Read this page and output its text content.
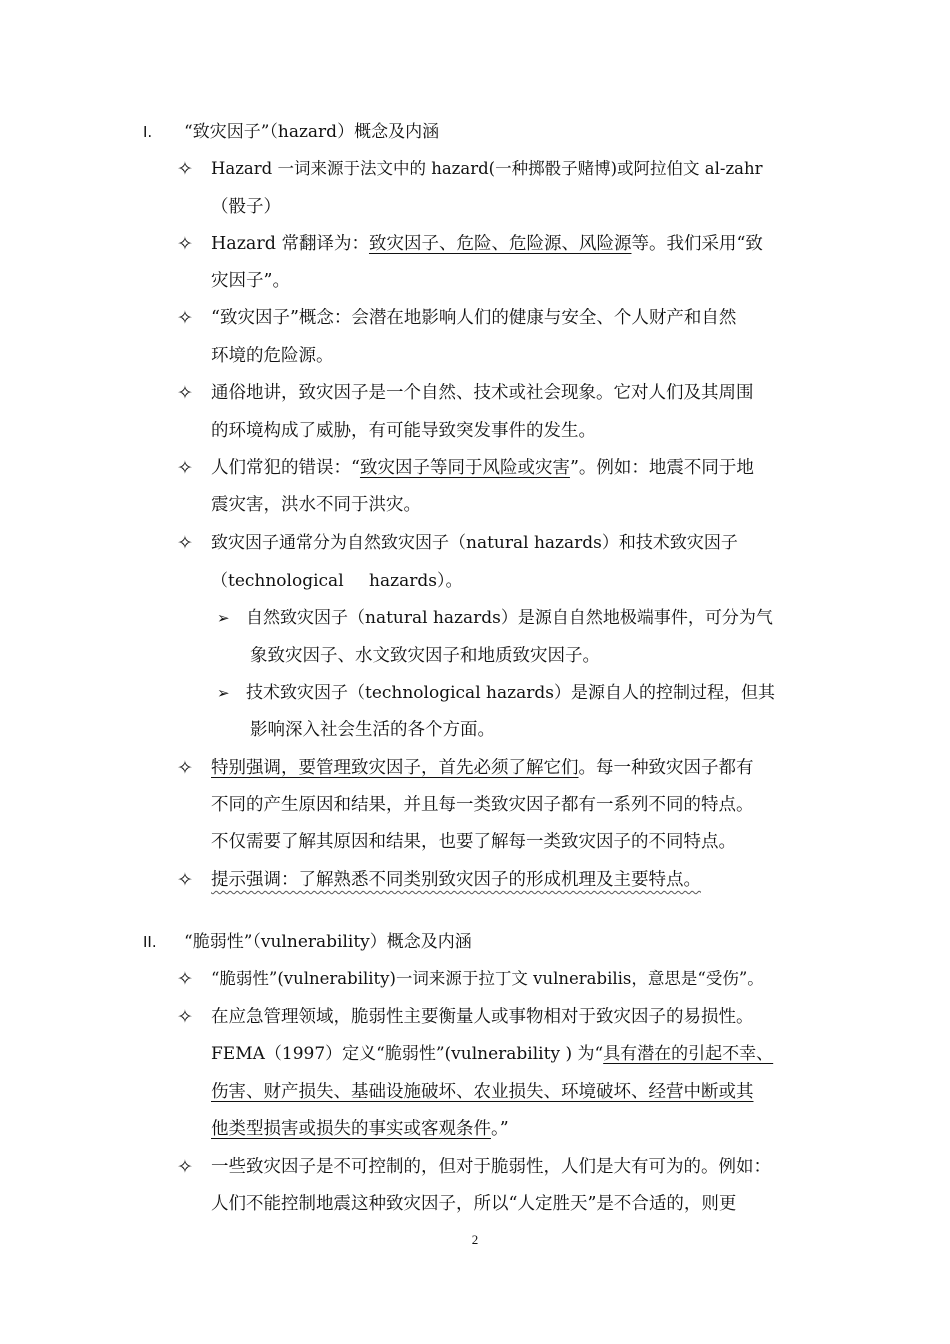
I. “致灾因子”（hazard）概念及内涵
✧ Hazard 一词来源于法文中的 hazard(一种掷骰子赌博)或阿拉伯文 al-zahr
（骰子）
✧ Hazard 常翻译为：致灾因子、危险、危险源、风险源等。我们采用“致
灾因子”。
✧ “致灾因子”概念：会潜在地影响人们的健康与安全、个人财产和自然
环境的危险源。
✧ 通俗地讲，致灾因子是一个自然、技术或社会现象。它对人们及其周围
的环境构成了威胁，有可能导致突发事件的发生。
✧ 人们常犯的错误：“致灾因子等同于风险或灾害”。例如：地震不同于地
震灾害，洪水不同于洪灾。
✧ 致灾因子通常分为自然致灾因子（natural hazards）和技术致灾因子
（technological hazards）。
➢ 自然致灾因子（natural hazards）是源自自然地极端事件，可分为气
象致灾因子、水文致灾因子和地质致灾因子。
➢ 技术致灾因子（technological hazards）是源自人的控制过程，但其
影响深入社会生活的各个方面。
✧ 特别强调，要管理致灾因子，首先必须了解它们。每一种致灾因子都有
不同的产生原因和结果，并且每一类致灾因子都有一系列不同的特点。
不仅需要了解其原因和结果，也要了解每一类致灾因子的不同特点。
✧ 提示强调：了解熟悉不同类别致灾因子的形成机理及主要特点。
II. “脆弱性”（vulnerability）概念及内涵
✧ “脆弱性”(vulnerability)一词来源于拉丁文 vulnerabilis，意思是“受伤”。
✧ 在应急管理领域，脆弱性主要衡量人或事物相对于致灾因子的易损性。
FEMA（1997）定义“脆弱性”(vulnerability ) 为“具有潜在的引起不幸、
伤害、财产损失、基础设施破坏、农业损失、环境破坏、经营中断或其
他类型损害或损失的事实或客观条件。”
✧ 一些致灾因子是不可控制的，但对于脆弱性，人们是大有可为的。例如：
人们不能控制地震这种致灾因子，所以“人定胜天”是不合适的，则更
2
